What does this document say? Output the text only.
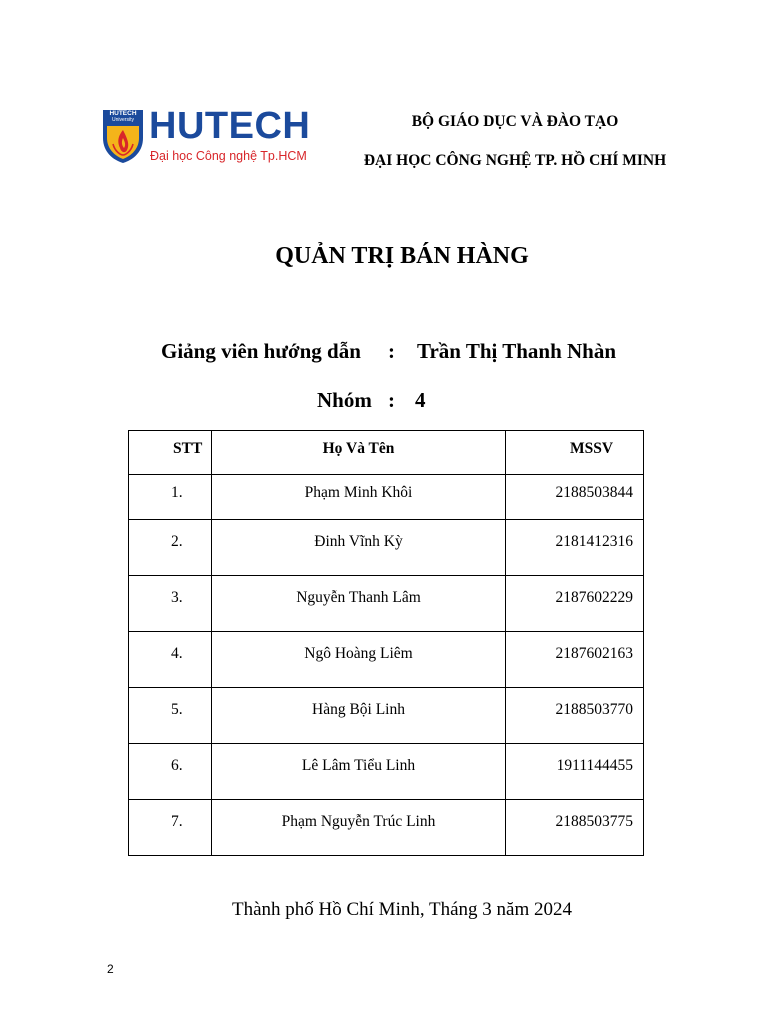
HUTECH
University HUTECH
Đại học Công nghệ Tp.HCM
BỘ GIÁO DỤC VÀ ĐÀO TẠO
ĐẠI HỌC CÔNG NGHỆ TP. HỒ CHÍ MINH
QUẢN TRỊ BÁN HÀNG
Giảng viên hướng dẫn : Trần Thị Thanh Nhàn
Nhóm : 4
STT	Họ Và Tên	MSSV

1.	Phạm Minh Khôi	2188503844

2.	Đinh Vĩnh Kỳ	2181412316

3.	Nguyễn Thanh Lâm	2187602229

4.	Ngô Hoàng Liêm	2187602163

5.	Hàng Bội Linh	2188503770

6.	Lê Lâm Tiểu Linh	1911144455

7.	Phạm Nguyễn Trúc Linh	2188503775
Thành phố Hồ Chí Minh, Tháng 3 năm 2024
2
